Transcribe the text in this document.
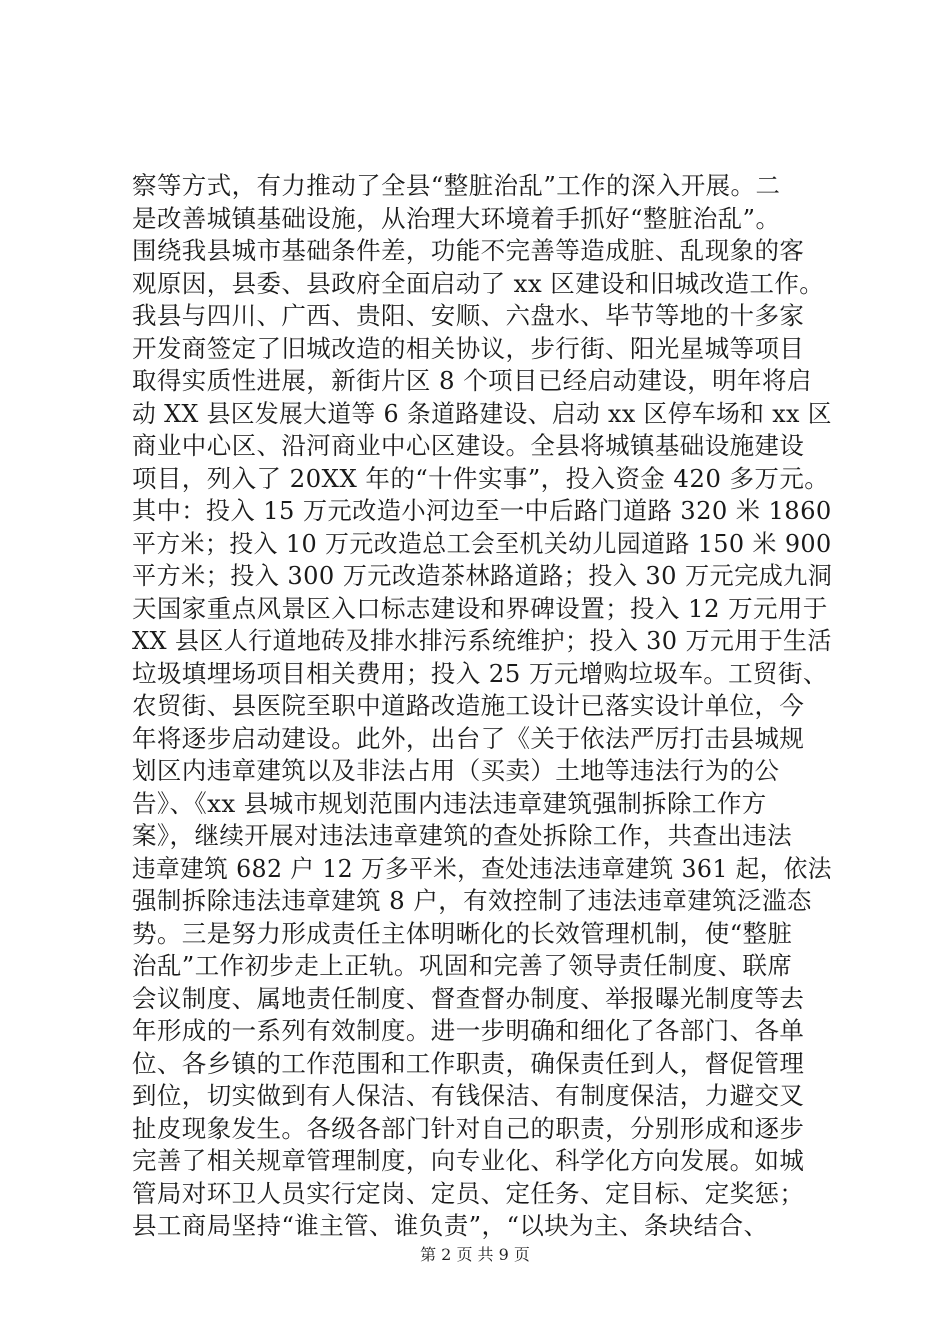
察等方式，有力推动了全县“整脏治乱”工作的深入开展。二
是改善城镇基础设施，从治理大环境着手抓好“整脏治乱”。
围绕我县城市基础条件差，功能不完善等造成脏、乱现象的客
观原因，县委、县政府全面启动了 xx 区建设和旧城改造工作。
我县与四川、广西、贵阳、安顺、六盘水、毕节等地的十多家
开发商签定了旧城改造的相关协议，步行街、阳光星城等项目
取得实质性进展，新街片区 8 个项目已经启动建设，明年将启
动 XX 县区发展大道等 6 条道路建设、启动 xx 区停车场和 xx 区
商业中心区、沿河商业中心区建设。全县将城镇基础设施建设
项目，列入了 20XX 年的“十件实事”，投入资金 420 多万元。
其中：投入 15 万元改造小河边至一中后路门道路 320 米 1860
平方米；投入 10 万元改造总工会至机关幼儿园道路 150 米 900
平方米；投入 300 万元改造茶林路道路；投入 30 万元完成九洞
天国家重点风景区入口标志建设和界碑设置；投入 12 万元用于
XX 县区人行道地砖及排水排污系统维护；投入 30 万元用于生活
垃圾填埋场项目相关费用；投入 25 万元增购垃圾车。工贸街、
农贸街、县医院至职中道路改造施工设计已落实设计单位，今
年将逐步启动建设。此外，出台了《关于依法严厉打击县城规
划区内违章建筑以及非法占用（买卖）土地等违法行为的公
告》、《xx 县城市规划范围内违法违章建筑强制拆除工作方
案》，继续开展对违法违章建筑的查处拆除工作，共查出违法
违章建筑 682 户 12 万多平米，查处违法违章建筑 361 起，依法
强制拆除违法违章建筑 8 户，有效控制了违法违章建筑泛滥态
势。三是努力形成责任主体明晰化的长效管理机制，使“整脏
治乱”工作初步走上正轨。巩固和完善了领导责任制度、联席
会议制度、属地责任制度、督查督办制度、举报曝光制度等去
年形成的一系列有效制度。进一步明确和细化了各部门、各单
位、各乡镇的工作范围和工作职责，确保责任到人，督促管理
到位，切实做到有人保洁、有钱保洁、有制度保洁，力避交叉
扯皮现象发生。各级各部门针对自己的职责，分别形成和逐步
完善了相关规章管理制度，向专业化、科学化方向发展。如城
管局对环卫人员实行定岗、定员、定任务、定目标、定奖惩；
县工商局坚持“谁主管、谁负责”，“以块为主、条块结合、
第 2 页 共 9 页
